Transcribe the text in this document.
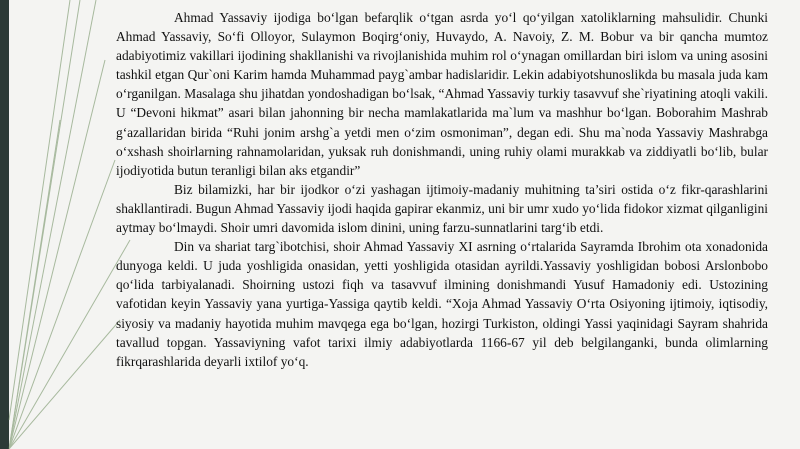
Ahmad Yassaviy ijodiga boʻlgan befarqlik oʻtgan asrda yoʻl qoʻyilgan xatoliklarning mahsulidir. Chunki Ahmad Yassaviy, Soʻfi Olloyor, Sulaymon Boqirgʻoniy, Huvaydo, A. Navoiy, Z. M. Bobur va bir qancha mumtoz adabiyotimiz vakillari ijodining shakllanishi va rivojlanishida muhim rol oʻynagan omillardan biri islom va uning asosini tashkil etgan Qur`oni Karim hamda Muhammad payg`ambar hadislaridir. Lekin adabiyotshunoslikda bu masala juda kam oʻrganilgan. Masalaga shu jihatdan yondoshadigan boʻlsak, “Ahmad Yassaviy turkiy tasavvuf she`riyatining atoqli vakili. U “Devoni hikmat” asari bilan jahonning bir necha mamlakatlarida ma`lum va mashhur boʻlgan. Boborahim Mashrab gʻazallaridan birida “Ruhi jonim arshg`a yetdi men oʻzim osmoniman”, degan edi. Shu ma`noda Yassaviy Mashrabga oʻxshash shoirlarning rahnamolaridan, yuksak ruh donishmandi, uning ruhiy olami murakkab va ziddiyatli boʻlib, bular ijodiyotida butun teranligi bilan aks etgandir”

Biz bilamizki, har bir ijodkor oʻzi yashagan ijtimoiy-madaniy muhitning ta’siri ostida oʻz fikr-qarashlarini shakllantiradi. Bugun Ahmad Yassaviy ijodi haqida gapirar ekanmiz, uni bir umr xudo yoʻlida fidokor xizmat qilganligini aytmay boʻlmaydi. Shoir umri davomida islom dinini, uning farzu-sunnatlarini targʻib etdi.

Din va shariat targ`ibotchisi, shoir Ahmad Yassaviy XI asrning oʻrtalarida Sayramda Ibrohim ota xonadonida dunyoga keldi. U juda yoshligida onasidan, yetti yoshligida otasidan ayrildi.Yassaviy yoshligidan bobosi Arslonbobo qoʻlida tarbiyalanadi. Shoirning ustozi fiqh va tasavvuf ilmining donishmandi Yusuf Hamadoniy edi. Ustozining vafotidan keyin Yassaviy yana yurtiga-Yassiga qaytib keldi. “Xoja Ahmad Yassaviy Oʻrta Osiyoning ijtimoiy, iqtisodiy, siyosiy va madaniy hayotida muhim mavqega ega boʻlgan, hozirgi Turkiston, oldingi Yassi yaqinidagi Sayram shahrida tavallud topgan. Yassaviyning vafot tarixi ilmiy adabiyotlarda 1166-67 yil deb belgilanganki, bunda olimlarning fikrqarashlarida deyarli ixtilof yoʻq.
